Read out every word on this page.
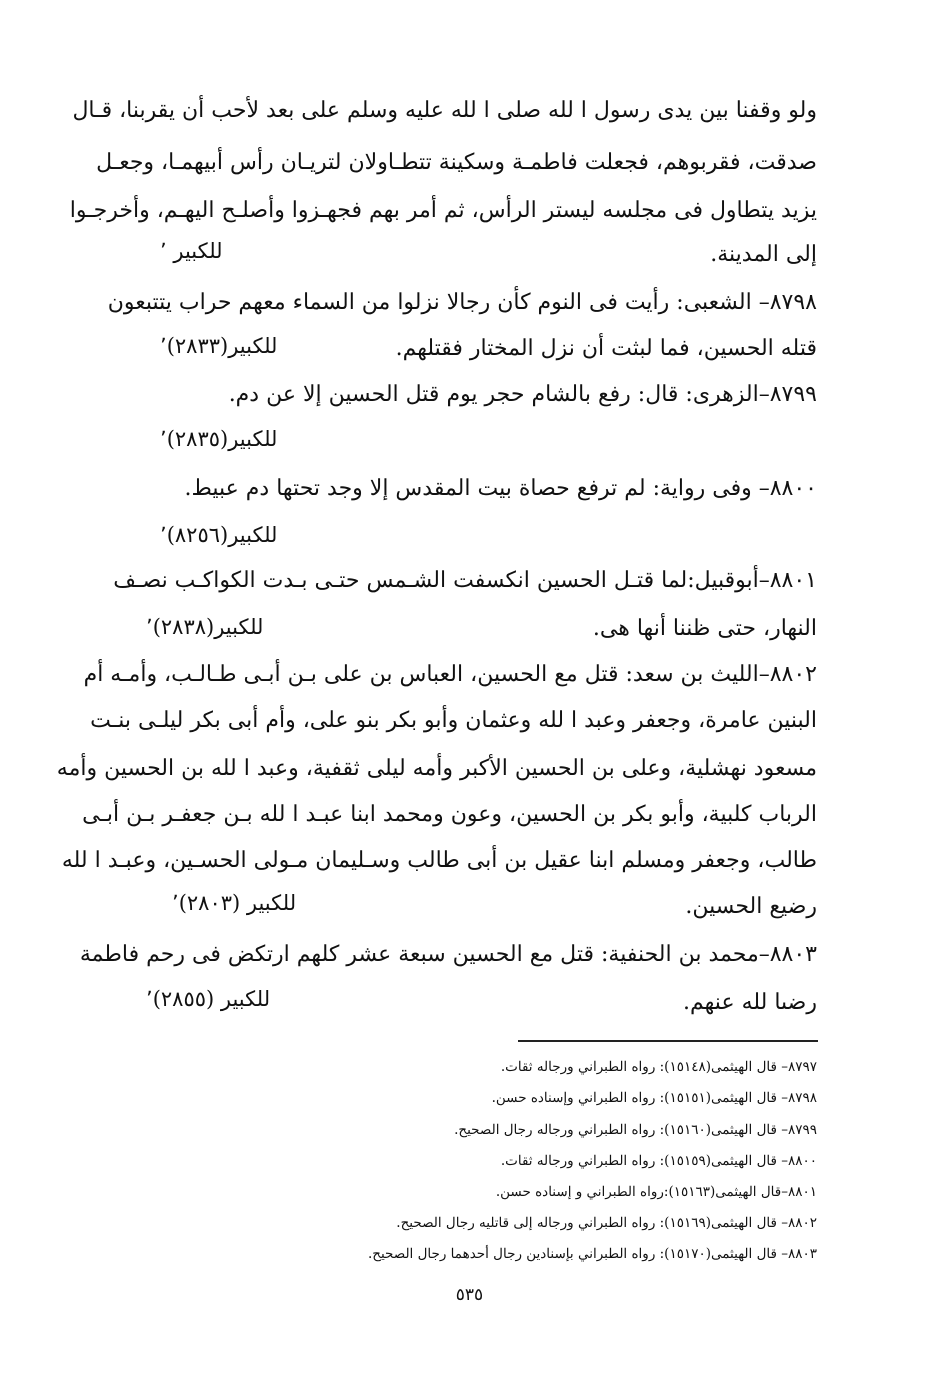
ولو وقفنا بين يدى رسول ا لله صلى ا لله عليه وسلم على بعد لأحب أن يقربنا، قـال

صدقت، فقربوهم، فجعلت فاطمـة وسكينة تتطـاولان لتريـان رأس أبيهمـا، وجعـل

يزيد يتطاول فى مجلسه ليستر الرأس، ثم أمر بهم فجهـزوا وأصلـح اليهـم، وأخرجـوا

إلى المدينة.

للكبير ٬

٨٧٩٨– الشعبى: رأيت فى النوم كأن رجالا نزلوا من السماء معهم حراب يتتبعون

قتله الحسين، فما لبثت أن نزل المختار فقتلهم.

للكبير(٢٨٣٣)٬

٨٧٩٩–الزهرى: قال: رفع بالشام حجر يوم قتل الحسين إلا عن دم.

للكبير(٢٨٣٥)٬

٨٨٠٠– وفى رواية: لم ترفع حصاة بيت المقدس إلا وجد تحتها دم عبيط.

للكبير(٨٢٥٦)٬

٨٨٠١–أبوقبيل:لما قتـل الحسين انكسفت الشـمس حتـى بـدت الكواكـب نصـف

النهار، حتى ظننا أنها هى.

للكبير(٢٨٣٨)٬

٨٨٠٢–الليث بن سعد: قتل مع الحسين، العباس بن على بـن أبـى طـالـب، وأمـه أم

البنين عامرة، وجعفر وعبد ا لله وعثمان وأبو بكر بنو على، وأم أبى بكر ليلـى بنـت

مسعود نهشلية، وعلى بن الحسين الأكبر وأمه ليلى ثقفية، وعبد ا لله بن الحسين وأمه

الرباب كلبية، وأبو بكر بن الحسين، وعون ومحمد ابنا عبـد ا لله بـن جعفـر بـن أبـى

طالب، وجعفر ومسلم ابنا عقيل بن أبى طالب وسـليمان مـولى الحسـين، وعبـد ا لله

رضيع الحسين.

للكبير (٢٨٠٣)٬

٨٨٠٣–محمد بن الحنفية: قتل مع الحسين سبعة عشر كلهم ارتكض فى رحم فاطمة

رضىا لله عنهم.

للكبير (٢٨٥٥)٬
٨٧٩٧– قال الهيثمى(١٥١٤٨): رواه الطبراني ورجاله ثقات.
٨٧٩٨– قال الهيثمى(١٥١٥١): رواه الطبراني وإسناده حسن.
٨٧٩٩– قال الهيثمى(١٥١٦٠): رواه الطبراني ورجاله رجال الصحيح.
٨٨٠٠– قال الهيثمى(١٥١٥٩): رواه الطبراني ورجاله ثقات.
٨٨٠١–قال الهيثمى(١٥١٦٣):رواه الطبراني و إسناده حسن.
٨٨٠٢– قال الهيثمى(١٥١٦٩): رواه الطبراني ورجاله إلى قاتليه رجال الصحيح.
٨٨٠٣– قال الهيثمى(١٥١٧٠): رواه الطبراني بإسنادين رجال أحدهما رجال الصحيح.
٥٣٥
